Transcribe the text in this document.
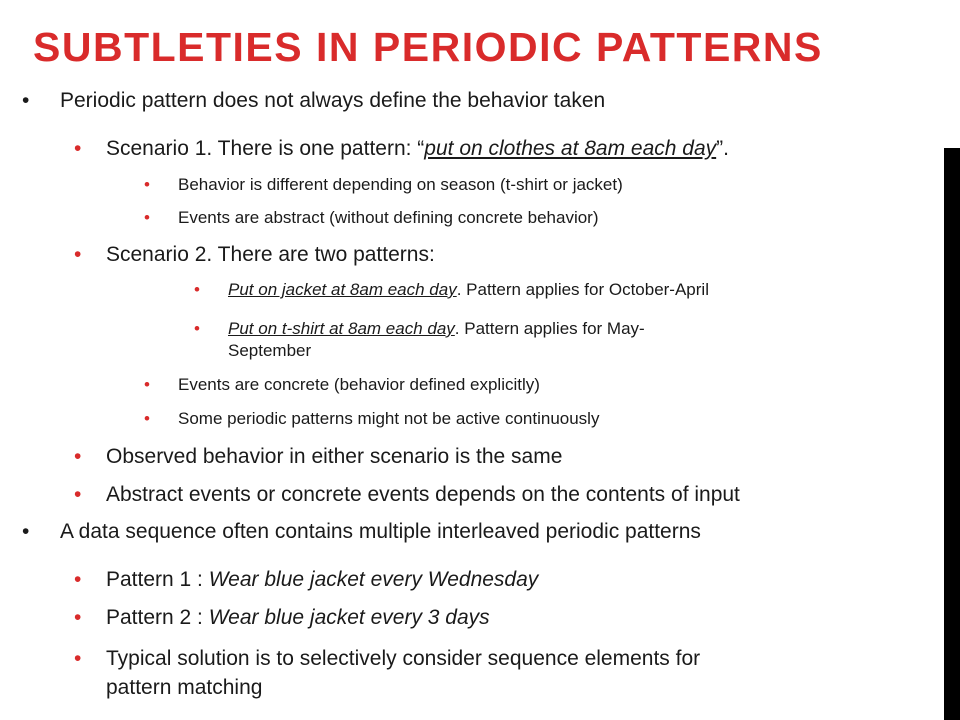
SUBTLETIES IN PERIODIC PATTERNS
• Periodic pattern does not always define the behavior taken
• Scenario 1. There is one pattern: “put on clothes at 8am each day”.
• Behavior is different depending on season (t-shirt or jacket)
• Events are abstract (without defining concrete behavior)
• Scenario 2. There are two patterns:
• Put on jacket at 8am each day. Pattern applies for October-April
• Put on t-shirt at 8am each day. Pattern applies for May-
September
• Events are concrete (behavior defined explicitly)
• Some periodic patterns might not be active continuously
• Observed behavior in either scenario is the same
• Abstract events or concrete events depends on the contents of input
• A data sequence often contains multiple interleaved periodic patterns
• Pattern 1 : Wear blue jacket every Wednesday
• Pattern 2 : Wear blue jacket every 3 days
• Typical solution is to selectively consider sequence elements for
pattern matching
